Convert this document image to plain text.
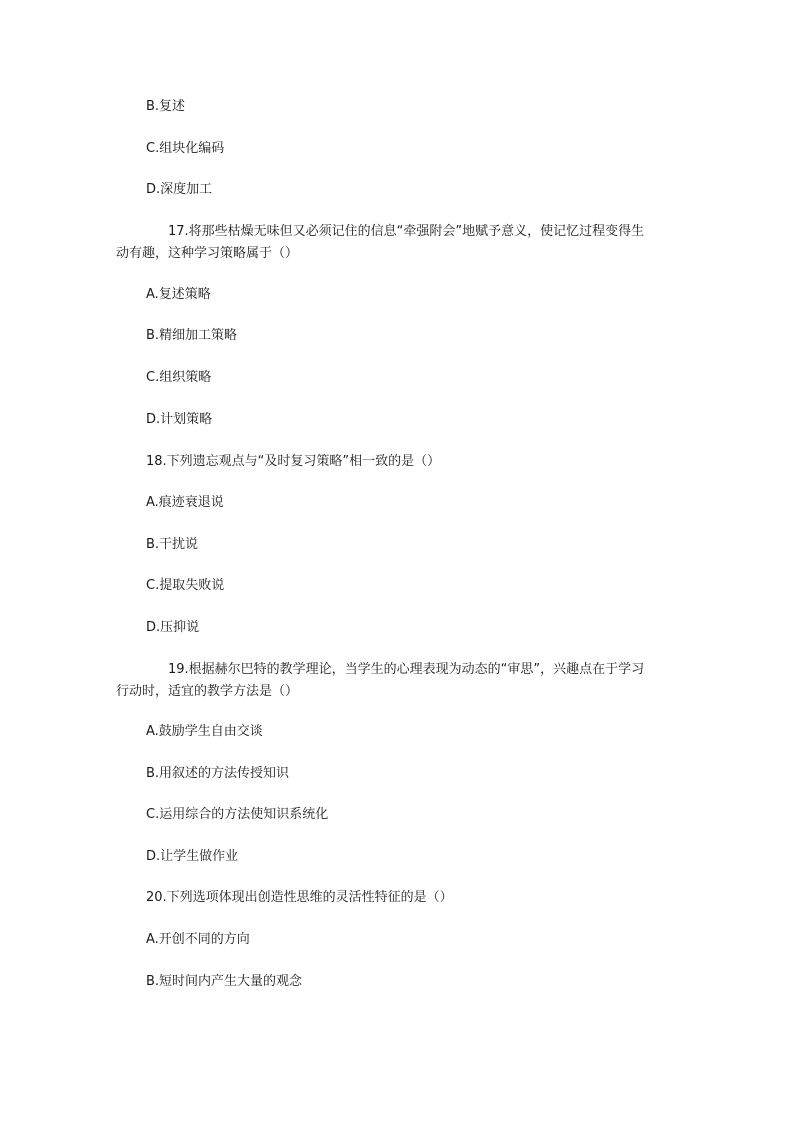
B.复述
C.组块化编码
D.深度加工
17.将那些枯燥无味但又必须记住的信息“牵强附会”地赋予意义，使记忆过程变得生
动有趣，这种学习策略属于（）
A.复述策略
B.精细加工策略
C.组织策略
D.计划策略
18.下列遗忘观点与“及时复习策略”相一致的是（）
A.痕迹衰退说
B.干扰说
C.提取失败说
D.压抑说
19.根据赫尔巴特的教学理论，当学生的心理表现为动态的“审思”，兴趣点在于学习
行动时，适宜的教学方法是（）
A.鼓励学生自由交谈
B.用叙述的方法传授知识
C.运用综合的方法使知识系统化
D.让学生做作业
20.下列选项体现出创造性思维的灵活性特征的是（）
A.开创不同的方向
B.短时间内产生大量的观念
